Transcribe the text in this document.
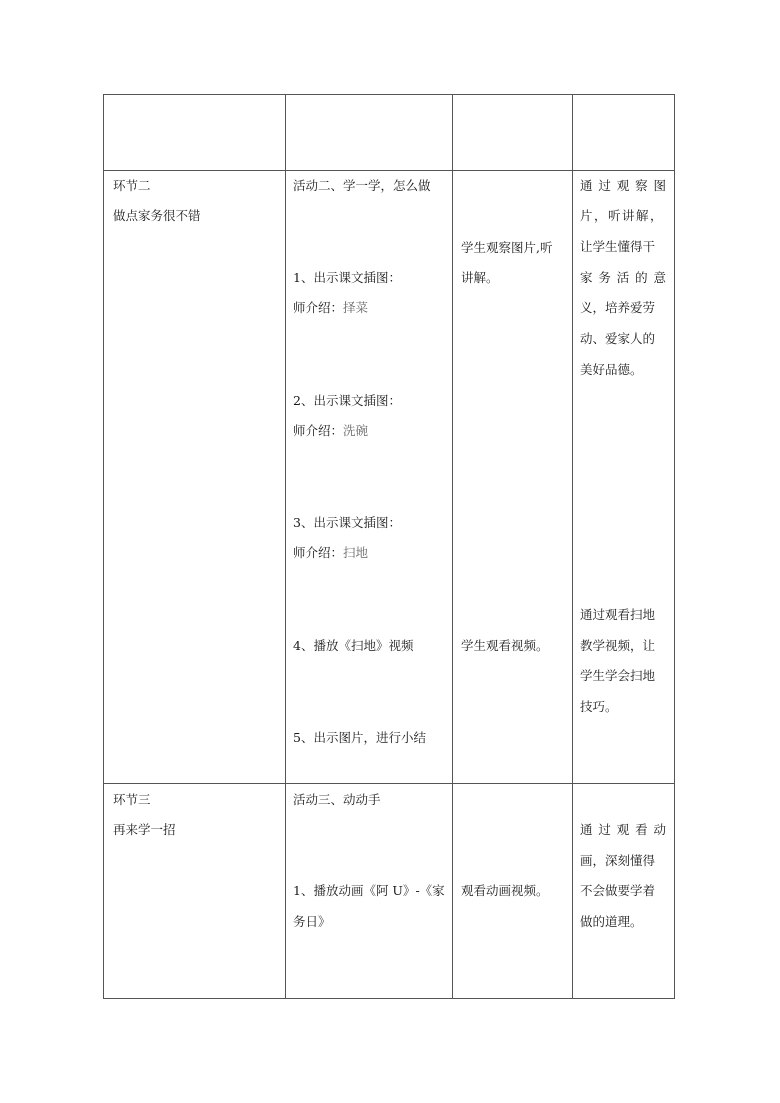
环节二

做点家务很不错

活动二、学一学，怎么做

1、出示课文插图：

师介绍：择菜

2、出示课文插图：

师介绍：洗碗

3、出示课文插图：

师介绍：扫地

4、播放《扫地》视频

5、出示图片，进行小结

学生观察图片,听

讲解。

学生观看视频。

通 过 观 察 图

片，听讲解，

让学生懂得干

家 务 活 的 意

义，培养爱劳

动、爱家人的

美好品德。

通过观看扫地

教学视频，让

学生学会扫地

技巧。

环节三

再来学一招

活动三、动动手

1、播放动画《阿 U》-《家

务日》

观看动画视频。

通 过 观 看 动

画，深刻懂得

不会做要学着

做的道理。
